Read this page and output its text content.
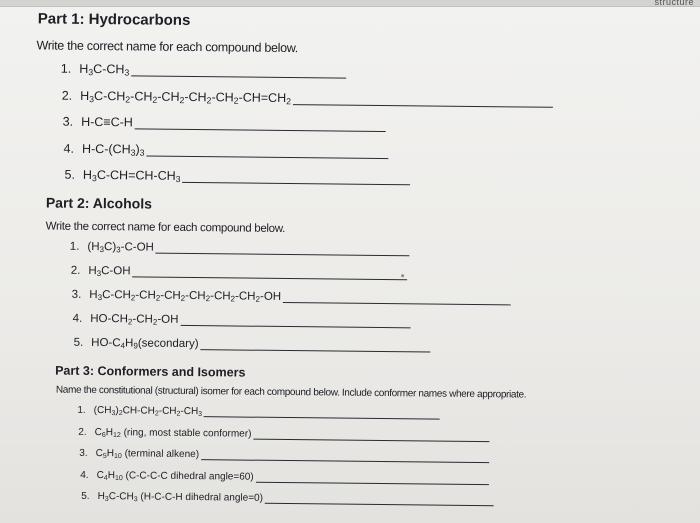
structure
Part 1: Hydrocarbons
Write the correct name for each compound below.
1. $H_3C-CH_3$
2. $H_3C-CH_2-CH_2-CH_2-CH_2-CH_2-CH=CH_2$
3. H-C≡C-H
4. $H-C-(CH_3)_3$
5. $H_3C-CH=CH-CH_3$
Part 2: Alcohols
Write the correct name for each compound below.
1. $(H_3C)_3-C-OH$
2. $H_3C-OH$
3. $H_3C-CH_2-CH_2-CH_2-CH_2-CH_2-CH_2-OH$
4. $HO-CH_2-CH_2-OH$
5. $HO-C_4H_9(secondary)$
Part 3: Conformers and Isomers
Name the constitutional (structural) isomer for each compound below. Include conformer names where appropriate.
1. $(CH_3)_2CH-CH_2-CH_2-CH_3$
2. $C_6H_{12}$ (ring, most stable conformer)
3. $C_5H_{10}$ (terminal alkene)
4. $C_4H_{10}$ (C-C-C-C dihedral angle=60)
5. $H_3C-CH_3$ (H-C-C-H dihedral angle=0)
